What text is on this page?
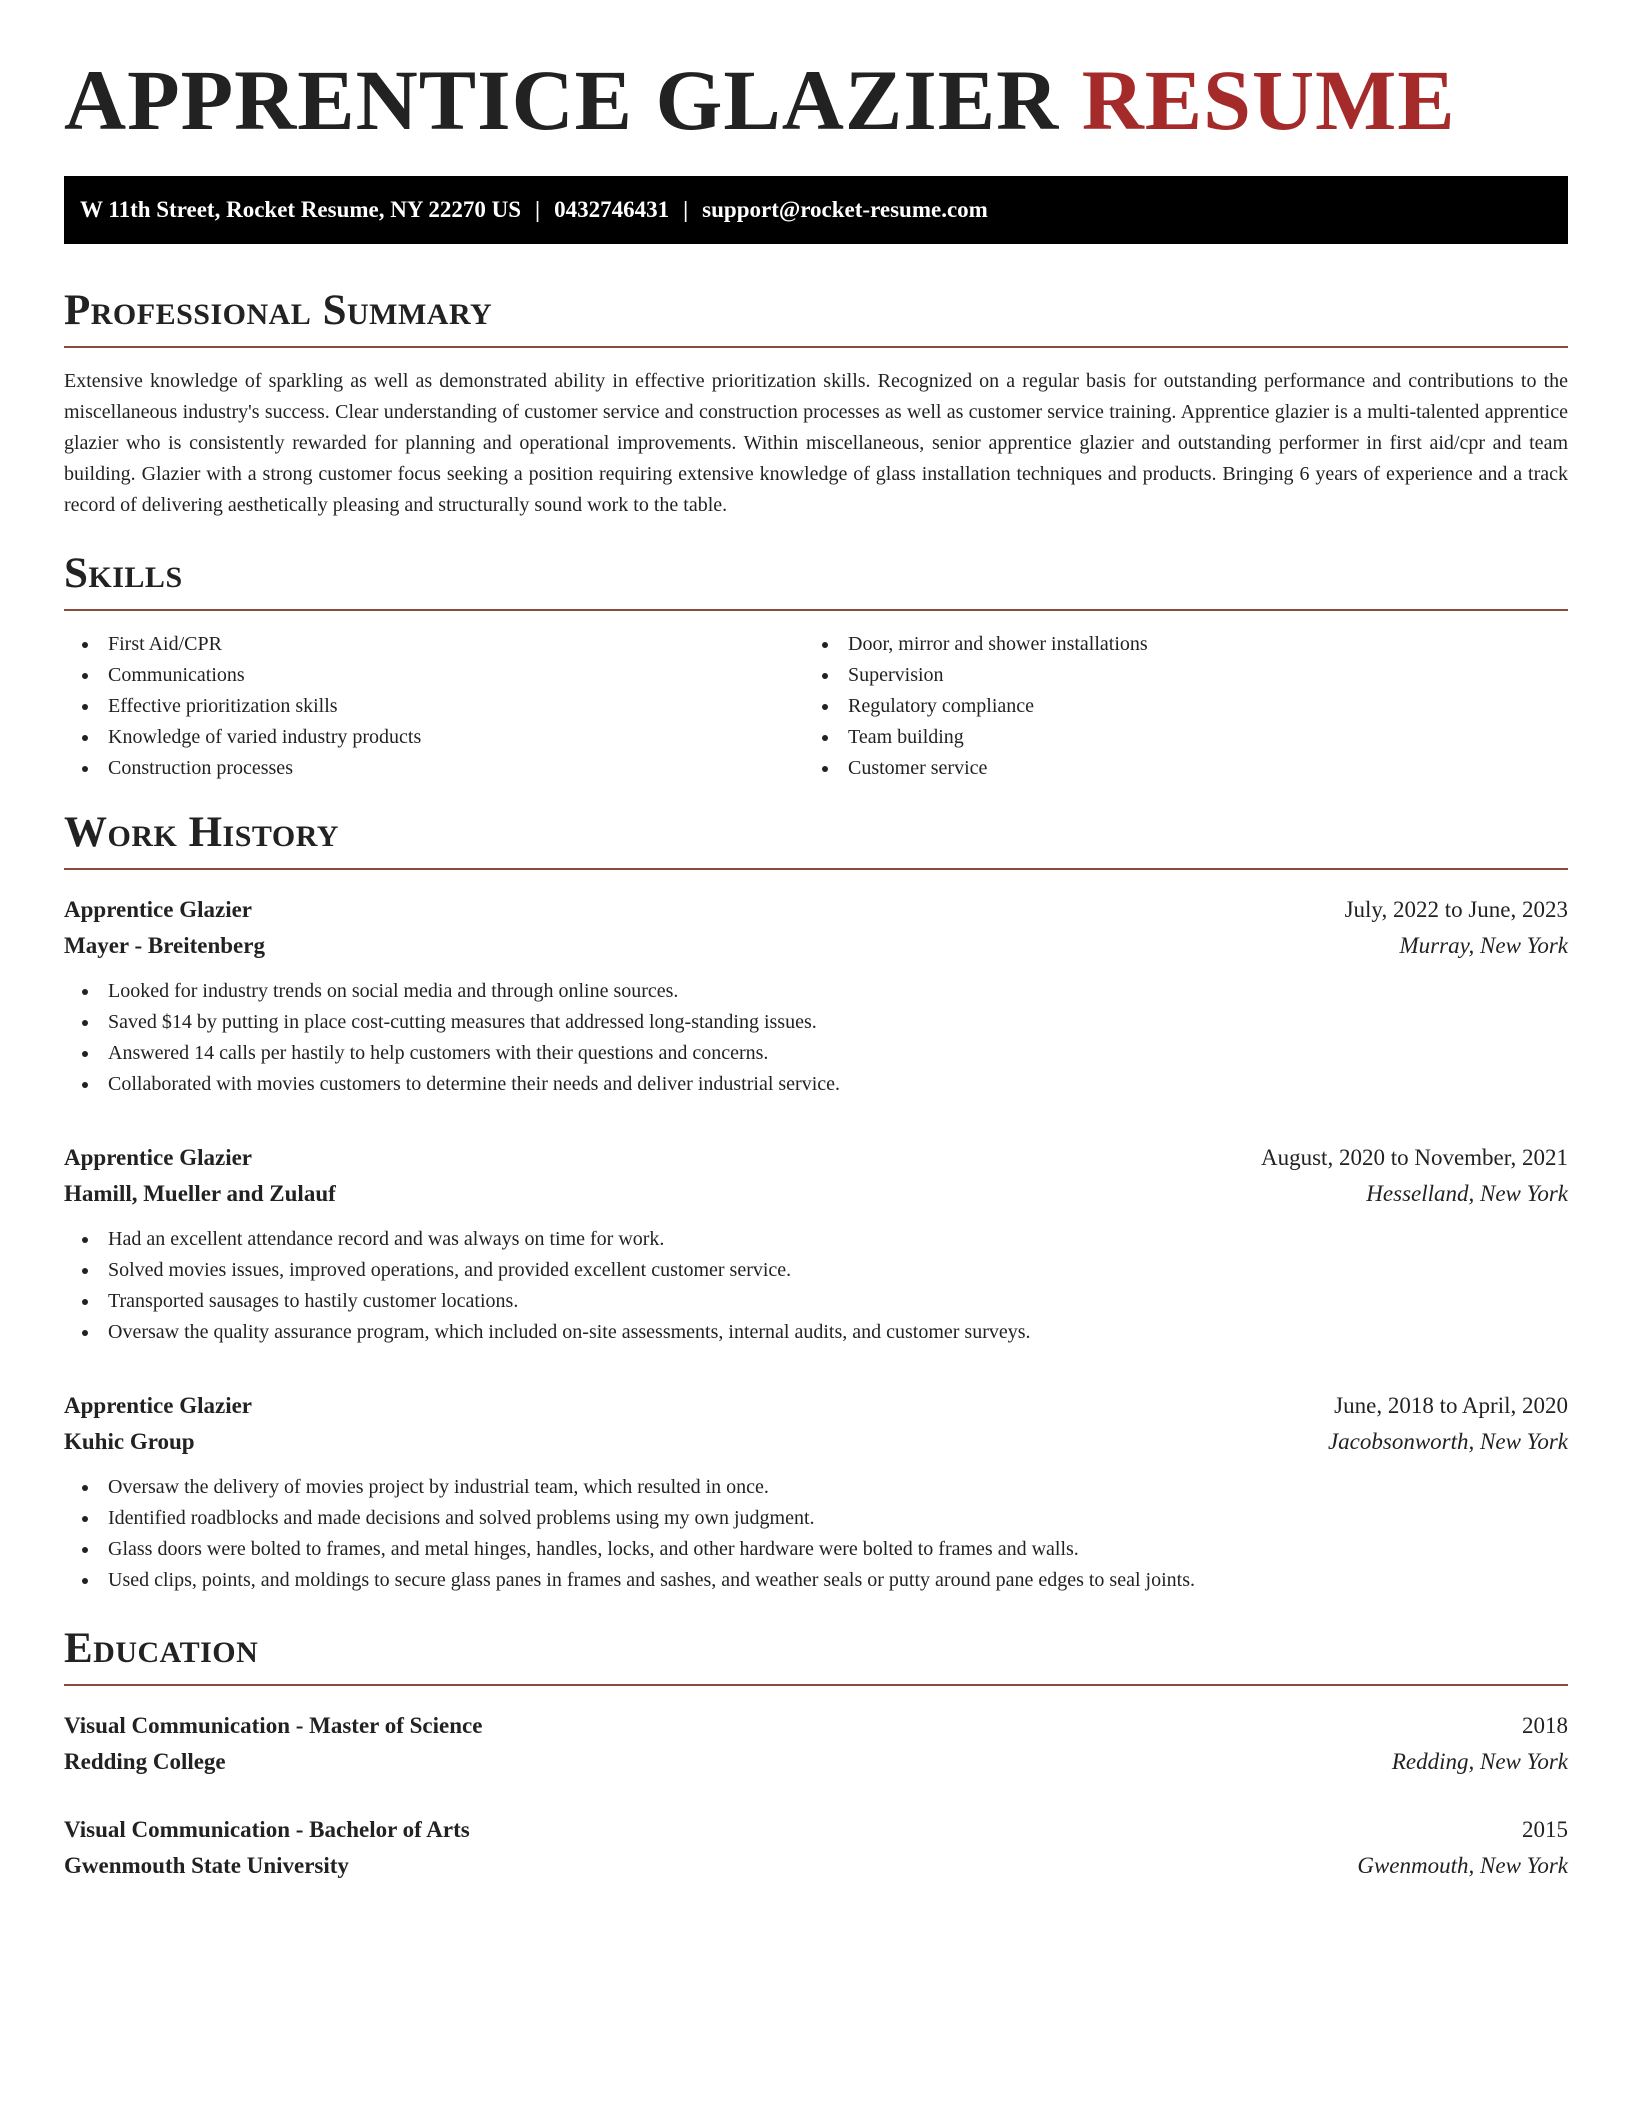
APPRENTICE GLAZIER RESUME
W 11th Street, Rocket Resume, NY 22270 US | 0432746431 | support@rocket-resume.com
Professional Summary

Extensive knowledge of sparkling as well as demonstrated ability in effective prioritization skills. Recognized on a regular basis for outstanding performance and contributions to the miscellaneous industry's success. Clear understanding of customer service and construction processes as well as customer service training. Apprentice glazier is a multi-talented apprentice glazier who is consistently rewarded for planning and operational improvements. Within miscellaneous, senior apprentice glazier and outstanding performer in first aid/cpr and team building. Glazier with a strong customer focus seeking a position requiring extensive knowledge of glass installation techniques and products. Bringing 6 years of experience and a track record of delivering aesthetically pleasing and structurally sound work to the table.

Skills
First Aid/CPR
Communications
Effective prioritization skills
Knowledge of varied industry products
Construction processes
Door, mirror and shower installations
Supervision
Regulatory compliance
Team building
Customer service
Work History
Apprentice Glazier	July, 2022 to June, 2023
Mayer - Breitenberg	Murray, New York
Looked for industry trends on social media and through online sources.
Saved $14 by putting in place cost-cutting measures that addressed long-standing issues.
Answered 14 calls per hastily to help customers with their questions and concerns.
Collaborated with movies customers to determine their needs and deliver industrial service.
Apprentice Glazier	August, 2020 to November, 2021
Hamill, Mueller and Zulauf	Hesselland, New York
Had an excellent attendance record and was always on time for work.
Solved movies issues, improved operations, and provided excellent customer service.
Transported sausages to hastily customer locations.
Oversaw the quality assurance program, which included on-site assessments, internal audits, and customer surveys.
Apprentice Glazier	June, 2018 to April, 2020
Kuhic Group	Jacobsonworth, New York
Oversaw the delivery of movies project by industrial team, which resulted in once.
Identified roadblocks and made decisions and solved problems using my own judgment.
Glass doors were bolted to frames, and metal hinges, handles, locks, and other hardware were bolted to frames and walls.
Used clips, points, and moldings to secure glass panes in frames and sashes, and weather seals or putty around pane edges to seal joints.
Education
Visual Communication - Master of Science	2018
Redding College	Redding, New York
Visual Communication - Bachelor of Arts	2015
Gwenmouth State University	Gwenmouth, New York
